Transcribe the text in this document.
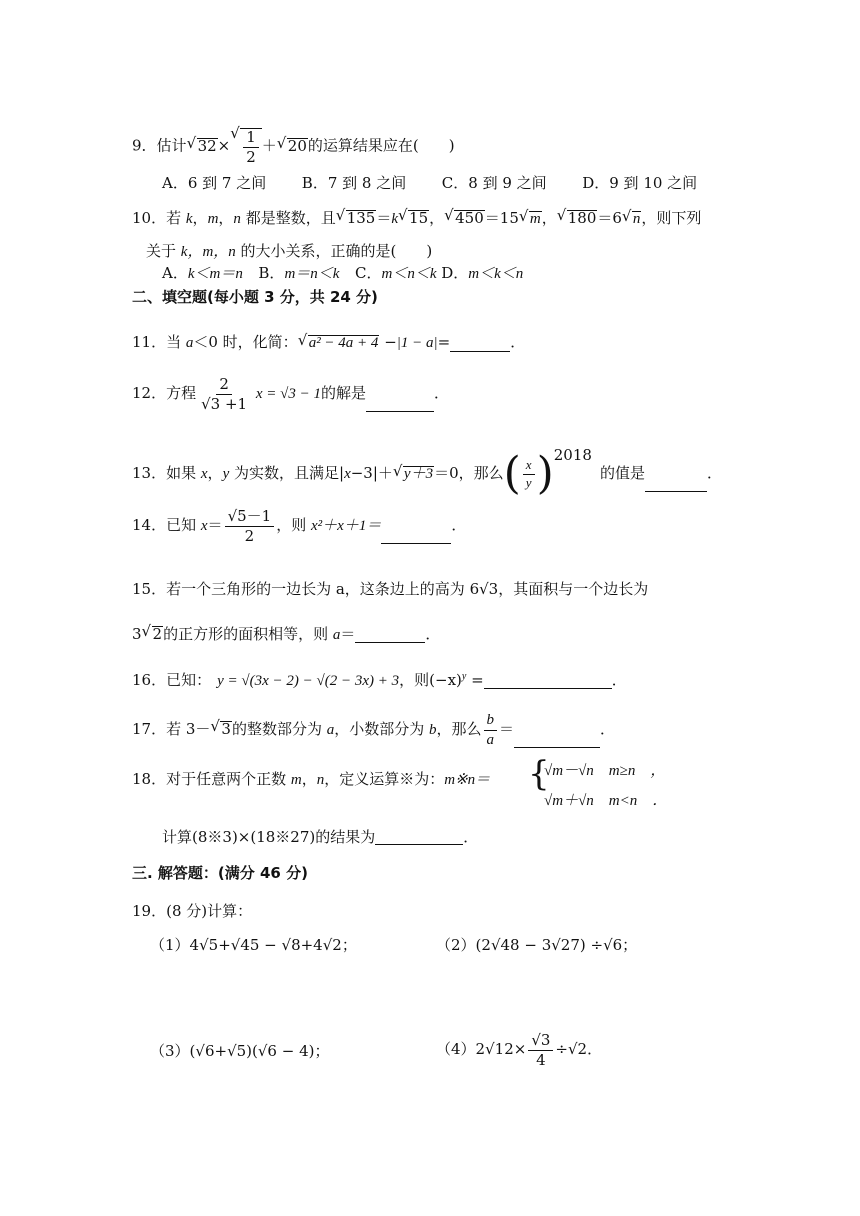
9．估计 √ 32× √ $\frac{1}{2}$ ＋ √ 20的运算结果应在(　　)
A．6 到 7 之间 B．7 到 8 之间 C．8 到 9 之间 D．9 到 10 之间
10．若 k，m，n 都是整数，且 √ 135＝k √ 15， √ 450＝15 √ m， √ 180＝6 √ n，则下列
关于 k，m，n 的大小关系，正确的是(　　)
A．k＜m＝n B．m＝n＜k C．m＜n＜k D．m＜k＜n
二、填空题(每小题 3 分，共 24 分)
11．当 a＜0 时，化简： √ a² − 4a + 4 −|1 − a|=	．
12．方程 $\frac{2}{√3 +1}$ x = √3 − 1的解是	．
13．如果 x，y 为实数，且满足|x−3|＋ √ y＋3＝0，那么( $\frac{x}{y} )2018$的值是	．
14．已知 $x= \frac{√5-1}{2}$ ，则 x²＋x＋1＝	．
15．若一个三角形的一边长为 a，这条边上的高为 6√3，其面积与一个边长为
3 √ 2的正方形的面积相等，则 a＝	．
16．已知： y = √(3x − 2) − √(2 − 3x) + 3，则$(-x)^y$ =	．
17．若 3－ √ 3的整数部分为 a，小数部分为 b，那么 $\frac{b}{a}$ ＝	．
18．对于任意两个正数 m，n，定义运算※为：m※n＝ {
√m－√n　m≥n　，
√m＋√n　m<n　．
计算(8※3)×(18※27)的结果为	．
三. 解答题：(满分 46 分)
19．(8 分)计算：
（1）4√5+√45 − √8+4√2；	（2）(2√48 − 3√27) ÷√6；
（3）(√6+√5)(√6 − 4)；	$(4)2√12\times \frac{√3}{4} \div√2$．
